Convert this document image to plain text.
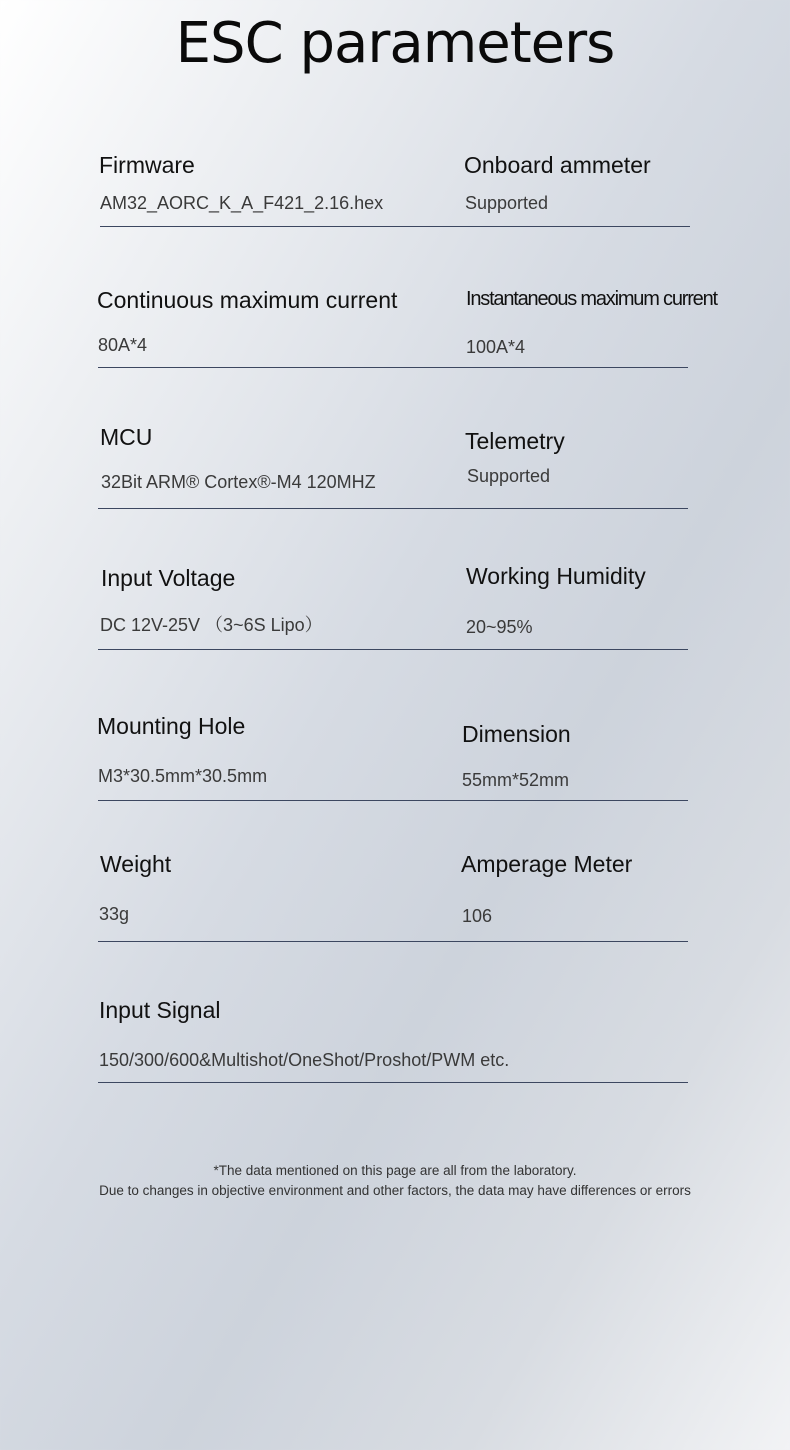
ESC parameters
Firmware
AM32_AORC_K_A_F421_2.16.hex
Onboard ammeter
Supported
Continuous maximum current
80A*4
Instantaneous maximum current
100A*4
MCU
32Bit ARM® Cortex®-M4 120MHZ
Telemetry
Supported
Input Voltage
DC 12V-25V （3~6S Lipo）
Working Humidity
20~95%
Mounting Hole
M3*30.5mm*30.5mm
Dimension
55mm*52mm
Weight
33g
Amperage Meter
106
Input Signal
150/300/600&Multishot/OneShot/Proshot/PWM etc.
*The data mentioned on this page are all from the laboratory.
Due to changes in objective environment and other factors, the data may have differences or errors
